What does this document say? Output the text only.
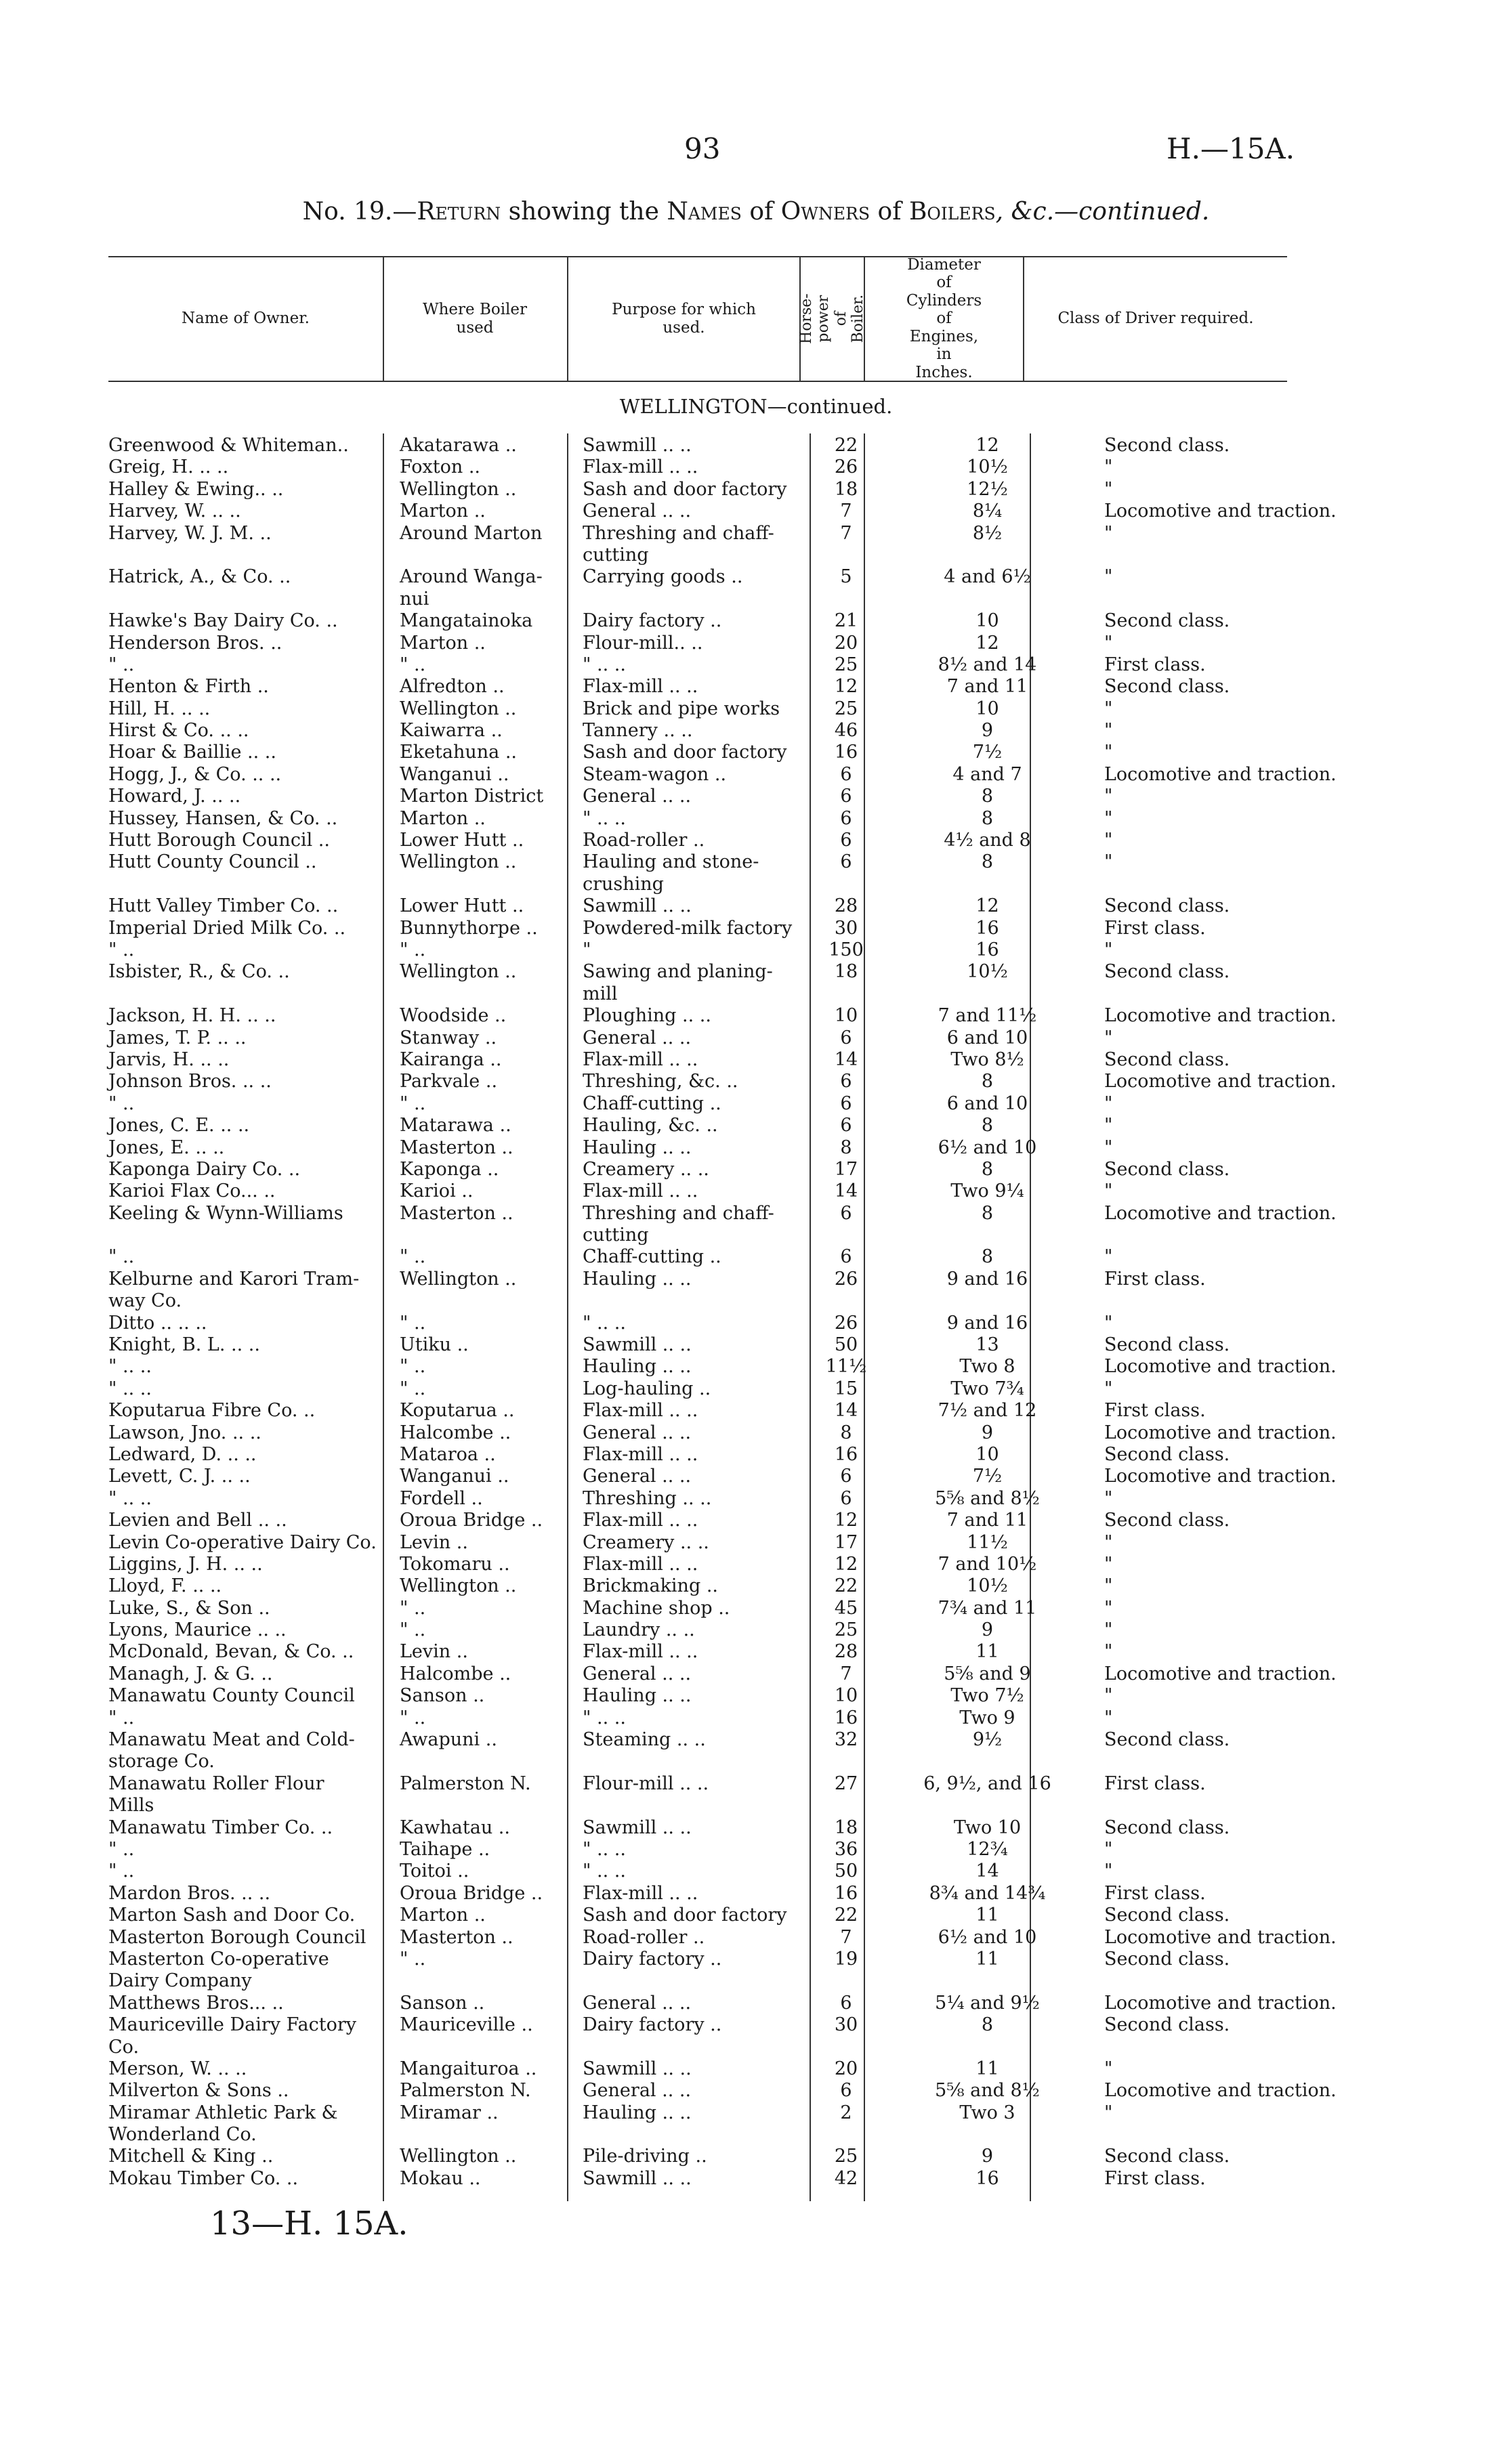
93	H.—15A.
No. 19.—Return showing the Names of Owners of Boilers, &c.—continued.
Name of Owner.
Where Boiler used
Purpose for which used.	Horse-power of Boiler.
Diameter of Cylinders of Engines, in Inches.
Class of Driver required.
WELLINGTON—continued.
Greenwood & Whiteman..	Akatarawa ..	Sawmill .. ..	22	12	Second class.
Greig, H. .. ..	Foxton ..	Flax-mill .. ..	26	10½	"
Halley & Ewing.. ..	Wellington ..	Sash and door factory	18	12½	"
Harvey, W. .. ..	Marton ..	General .. ..	7	8¼	Locomotive and traction.
Harvey, W. J. M. ..	Around Marton	Threshing and chaff-	7	8½	"
cutting
Hatrick, A., & Co. ..	Around Wanga-	Carrying goods ..	5	4 and 6½	"
nui
Hawke's Bay Dairy Co. ..	Mangatainoka	Dairy factory ..	21	10	Second class.
Henderson Bros. ..	Marton ..	Flour-mill.. ..	20	12	"
" ..	" ..	" .. ..	25	8½ and 14	First class.
Henton & Firth ..	Alfredton ..	Flax-mill .. ..	12	7 and 11	Second class.
Hill, H. .. ..	Wellington ..	Brick and pipe works	25	10	"
Hirst & Co. .. ..	Kaiwarra ..	Tannery .. ..	46	9	"
Hoar & Baillie .. ..	Eketahuna ..	Sash and door factory	16	7½	"
Hogg, J., & Co. .. ..	Wanganui ..	Steam-wagon ..	6	4 and 7	Locomotive and traction.
Howard, J. .. ..	Marton District	General .. ..	6	8	"
Hussey, Hansen, & Co. ..	Marton ..	" .. ..	6	8	"
Hutt Borough Council ..	Lower Hutt ..	Road-roller ..	6	4½ and 8	"
Hutt County Council ..	Wellington ..	Hauling and stone-	6	8	"
crushing
Hutt Valley Timber Co. ..	Lower Hutt ..	Sawmill .. ..	28	12	Second class.
Imperial Dried Milk Co. ..	Bunnythorpe ..	Powdered-milk factory	30	16	First class.
" ..	" ..	"	150	16	"
Isbister, R., & Co. ..	Wellington ..	Sawing and planing-	18	10½	Second class.
mill
Jackson, H. H. .. ..	Woodside ..	Ploughing .. ..	10	7 and 11½	Locomotive and traction.
James, T. P. .. ..	Stanway ..	General .. ..	6	6 and 10	"
Jarvis, H. .. ..	Kairanga ..	Flax-mill .. ..	14	Two 8½	Second class.
Johnson Bros. .. ..	Parkvale ..	Threshing, &c. ..	6	8	Locomotive and traction.
" ..	" ..	Chaff-cutting ..	6	6 and 10	"
Jones, C. E. .. ..	Matarawa ..	Hauling, &c. ..	6	8	"
Jones, E. .. ..	Masterton ..	Hauling .. ..	8	6½ and 10	"
Kaponga Dairy Co. ..	Kaponga ..	Creamery .. ..	17	8	Second class.
Karioi Flax Co... ..	Karioi ..	Flax-mill .. ..	14	Two 9¼	"
Keeling & Wynn-Williams	Masterton ..	Threshing and chaff-	6	8	Locomotive and traction.
cutting
" ..	" ..	Chaff-cutting ..	6	8	"
Kelburne and Karori Tram-	Wellington ..	Hauling .. ..	26	9 and 16	First class.
way Co.
Ditto .. .. ..	" ..	" .. ..	26	9 and 16	"
Knight, B. L. .. ..	Utiku ..	Sawmill .. ..	50	13	Second class.
" .. ..	" ..	Hauling .. ..	11½	Two 8	Locomotive and traction.
" .. ..	" ..	Log-hauling ..	15	Two 7¾	"
Koputaruа Fibre Co. ..	Koputarua ..	Flax-mill .. ..	14	7½ and 12	First class.
Lawson, Jno. .. ..	Halcombe ..	General .. ..	8	9	Locomotive and traction.
Ledward, D. .. ..	Mataroa ..	Flax-mill .. ..	16	10	Second class.
Levett, C. J. .. ..	Wanganui ..	General .. ..	6	7½	Locomotive and traction.
" .. ..	Fordell ..	Threshing .. ..	6	5⅝ and 8½	"
Levien and Bell .. ..	Oroua Bridge ..	Flax-mill .. ..	12	7 and 11	Second class.
Levin Co-operative Dairy Co.	Levin ..	Creamery .. ..	17	11½	"
Liggins, J. H. .. ..	Tokomaru ..	Flax-mill .. ..	12	7 and 10½	"
Lloyd, F. .. ..	Wellington ..	Brickmaking ..	22	10½	"
Luke, S., & Son ..	" ..	Machine shop ..	45	7¾ and 11	"
Lyons, Maurice .. ..	" ..	Laundry .. ..	25	9	"
McDonald, Bevan, & Co. ..	Levin ..	Flax-mill .. ..	28	11	"
Managh, J. & G. ..	Halcombe ..	General .. ..	7	5⅝ and 9	Locomotive and traction.
Manawatu County Council	Sanson ..	Hauling .. ..	10	Two 7½	"
" ..	" ..	" .. ..	16	Two 9	"
Manawatu Meat and Cold-	Awapuni ..	Steaming .. ..	32	9½	Second class.
storage Co.
Manawatu Roller Flour	Palmerston N.	Flour-mill .. ..	27	6, 9½, and 16	First class.
Mills
Manawatu Timber Co. ..	Kawhatau ..	Sawmill .. ..	18	Two 10	Second class.
" ..	Taihape ..	" .. ..	36	12¾	"
" ..	Toitoi ..	" .. ..	50	14	"
Mardon Bros. .. ..	Oroua Bridge ..	Flax-mill .. ..	16	8¾ and 14¾	First class.
Marton Sash and Door Co.	Marton ..	Sash and door factory	22	11	Second class.
Masterton Borough Council	Masterton ..	Road-roller ..	7	6½ and 10	Locomotive and traction.
Masterton Co-operative	" ..	Dairy factory ..	19	11	Second class.
Dairy Company
Matthews Bros... ..	Sanson ..	General .. ..	6	5¼ and 9½	Locomotive and traction.
Mauriceville Dairy Factory	Mauriceville ..	Dairy factory ..	30	8	Second class.
Co.
Merson, W. .. ..	Mangaituroa ..	Sawmill .. ..	20	11	"
Milverton & Sons ..	Palmerston N.	General .. ..	6	5⅝ and 8½	Locomotive and traction.
Miramar Athletic Park &	Miramar ..	Hauling .. ..	2	Two 3	"
Wonderland Co.
Mitchell & King ..	Wellington ..	Pile-driving ..	25	9	Second class.
Mokau Timber Co. ..	Mokau ..	Sawmill .. ..	42	16	First class.
13—H. 15A.
